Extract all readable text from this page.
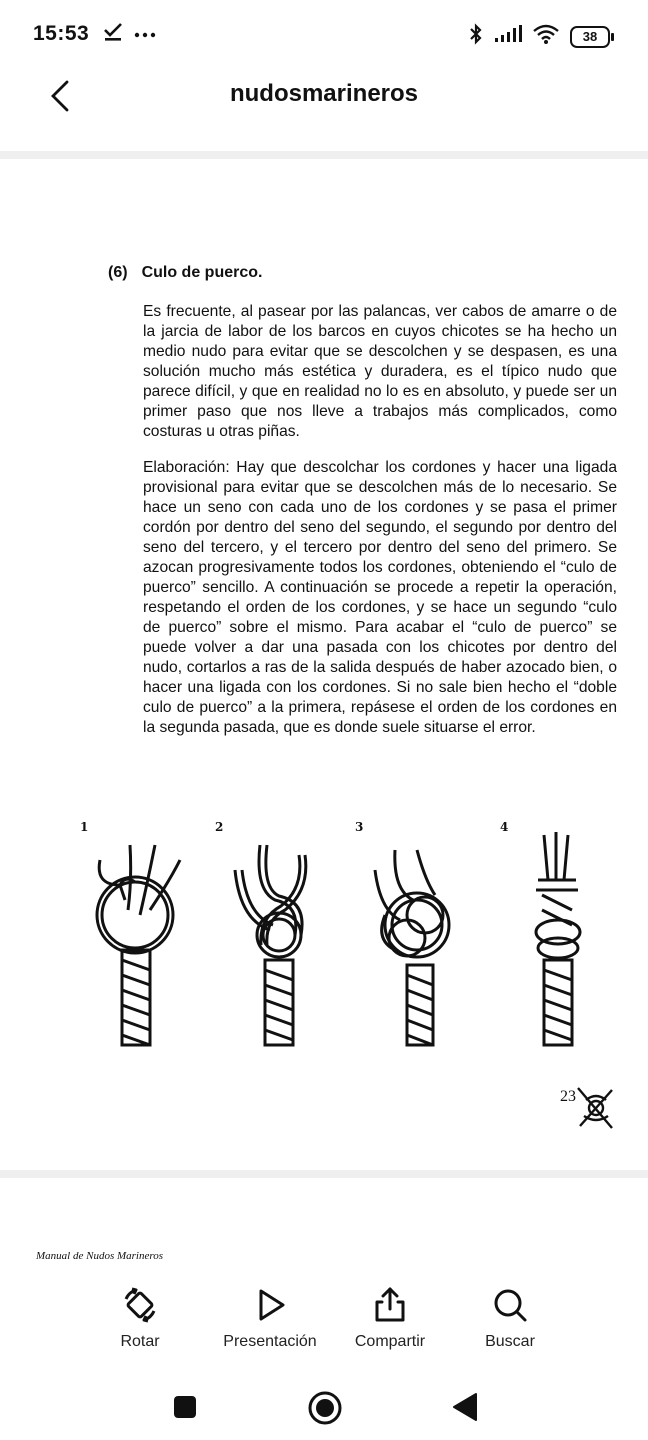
15:53	38
nudosmarineros
(6) Culo de puerco.

Es frecuente, al pasear por las palancas, ver cabos de amarre o de la jarcia de labor de los barcos en cuyos chicotes se ha hecho un medio nudo para evitar que se descolchen y se despasen, es una solución mucho más estética y duradera, es el típico nudo que parece difícil, y que en realidad no lo es en absoluto, y puede ser un primer paso que nos lleve a trabajos más complicados, como costuras u otras piñas.

Elaboración: Hay que descolchar los cordones y hacer una ligada provisional para evitar que se descolchen más de lo necesario. Se hace un seno con cada uno de los cordones y se pasa el primer cordón por dentro del seno del segundo, el segundo por dentro del seno del tercero, y el tercero por dentro del seno del primero. Se azocan progresivamente todos los cordones, obteniendo el “culo de puerco” sencillo. A continuación se procede a repetir la operación, respetando el orden de los cordones, y se hace un segundo “culo de puerco” sobre el mismo. Para acabar el “culo de puerco” se puede volver a dar una pasada con los chicotes por dentro del nudo, cortarlos a ras de la salida después de haber azocado bien, o hacer una ligada con los cordones. Si no sale bien hecho el “doble culo de puerco” a la primera, repásese el orden de los cordones en la segunda pasada, que es donde suele situarse el error.

1	2	3	4
23
Manual de Nudos Marineros
Rotar	Presentación Compartir	Buscar
